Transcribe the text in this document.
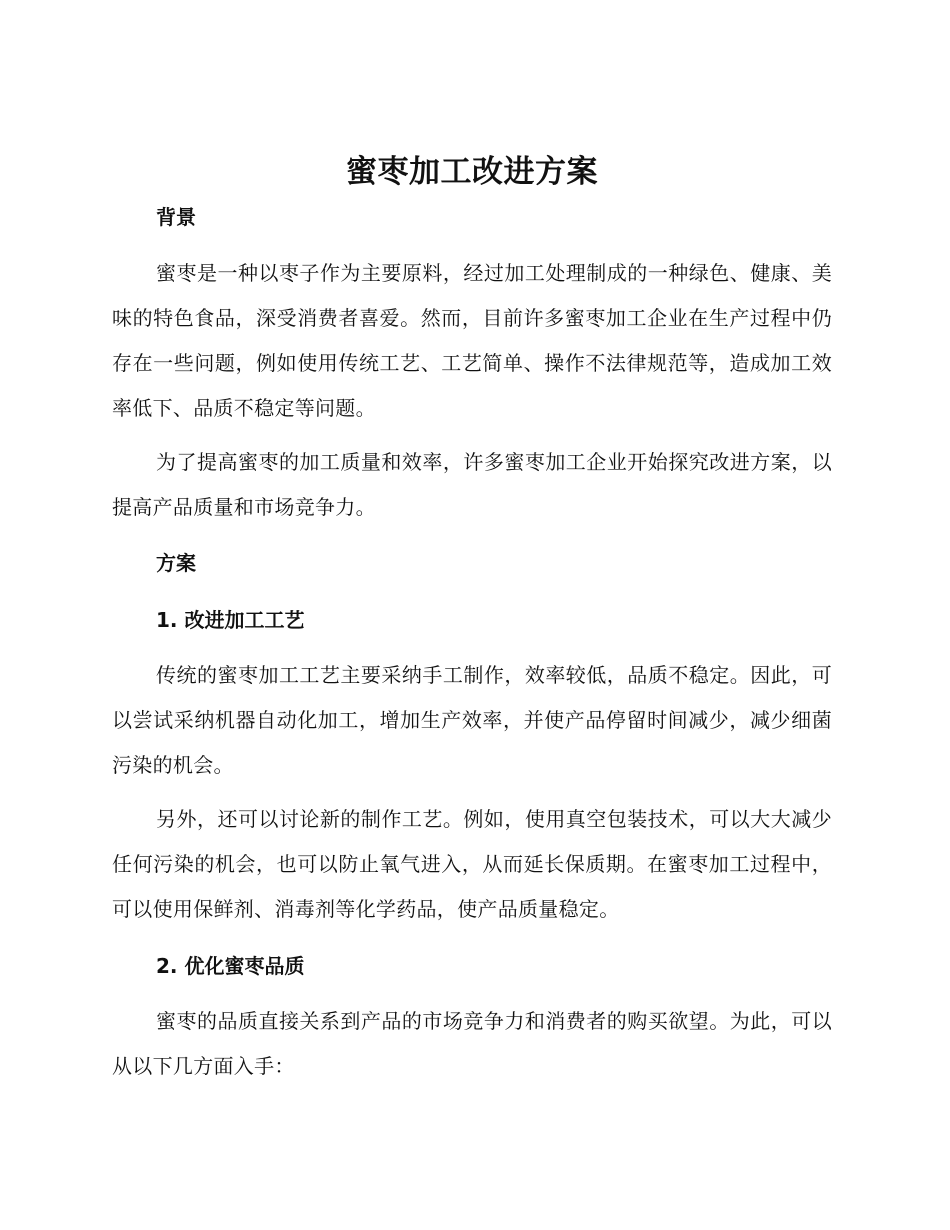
蜜枣加工改进方案
背景

蜜枣是一种以枣子作为主要原料，经过加工处理制成的一种绿色、健康、美味的特色食品，深受消费者喜爱。然而，目前许多蜜枣加工企业在生产过程中仍存在一些问题，例如使用传统工艺、工艺简单、操作不法律规范等，造成加工效率低下、品质不稳定等问题。

为了提高蜜枣的加工质量和效率，许多蜜枣加工企业开始探究改进方案，以提高产品质量和市场竞争力。

方案
1. 改进加工工艺

传统的蜜枣加工工艺主要采纳手工制作，效率较低，品质不稳定。因此，可以尝试采纳机器自动化加工，增加生产效率，并使产品停留时间减少，减少细菌污染的机会。

另外，还可以讨论新的制作工艺。例如，使用真空包装技术，可以大大减少任何污染的机会，也可以防止氧气进入，从而延长保质期。在蜜枣加工过程中，可以使用保鲜剂、消毒剂等化学药品，使产品质量稳定。

2. 优化蜜枣品质

蜜枣的品质直接关系到产品的市场竞争力和消费者的购买欲望。为此，可以从以下几方面入手：
